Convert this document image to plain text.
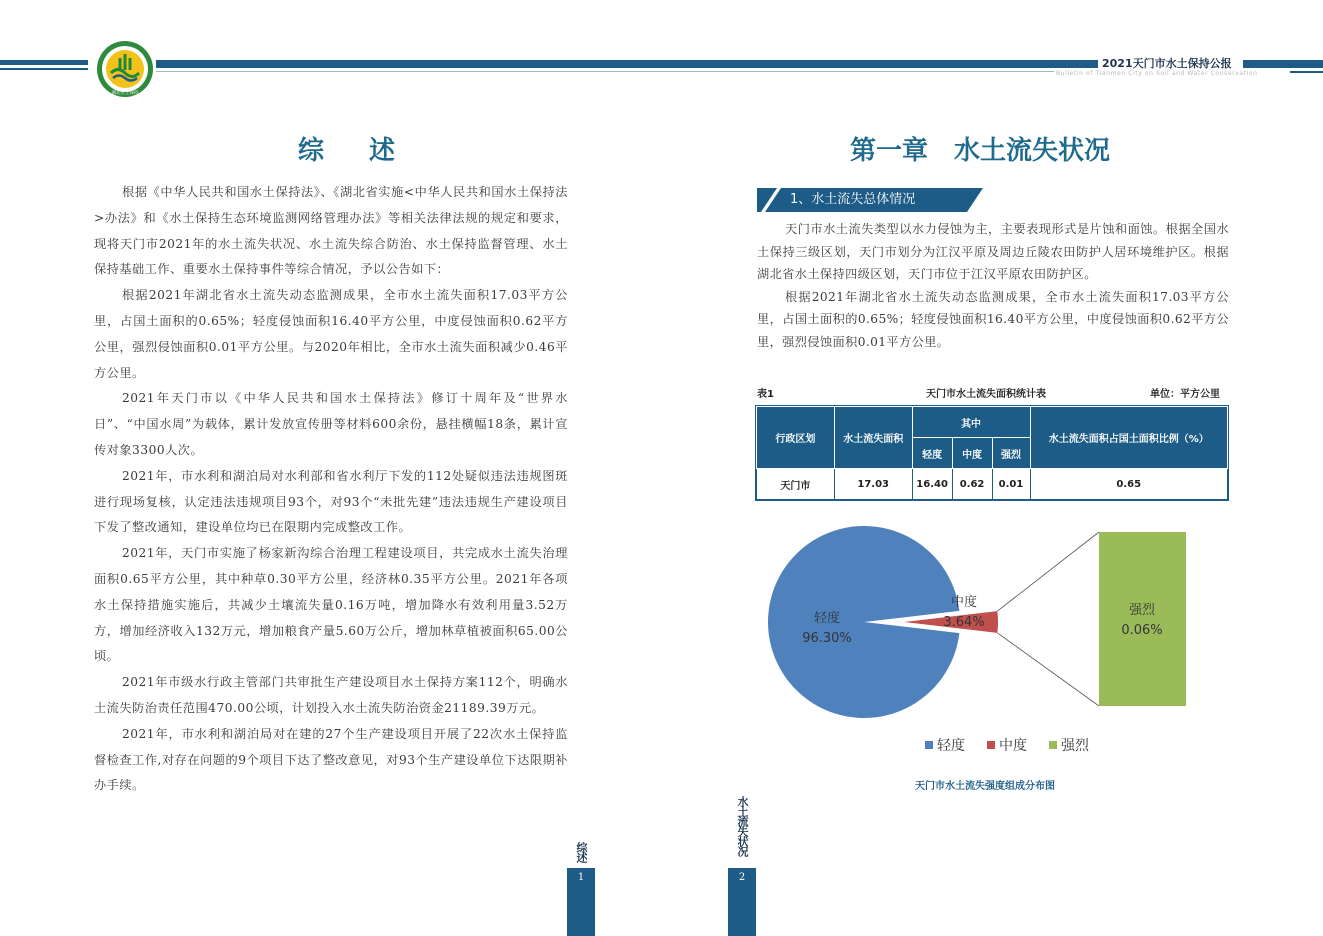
湖北水土保持
2021天门市水土保持公报
Bulletin of Tianmen City on Soil and Water Conservation
综 述

根据《中华人民共和国水土保持法》、《湖北省实施<中华人民共和国水土保持法>办法》和《水土保持生态环境监测网络管理办法》等相关法律法规的规定和要求，现将天门市2021年的水土流失状况、水土流失综合防治、水土保持监督管理、水土保持基础工作、重要水土保持事件等综合情况，予以公告如下：

根据2021年湖北省水土流失动态监测成果，全市水土流失面积17.03平方公里，占国土面积的0.65%；轻度侵蚀面积16.40平方公里，中度侵蚀面积0.62平方公里，强烈侵蚀面积0.01平方公里。与2020年相比，全市水土流失面积减少0.46平方公里。

2021年天门市以《中华人民共和国水土保持法》修订十周年及“世界水日”、“中国水周”为载体，累计发放宣传册等材料600余份，悬挂横幅18条，累计宣传对象3300人次。

2021年，市水利和湖泊局对水利部和省水利厅下发的112处疑似违法违规图斑进行现场复核，认定违法违规项目93个，对93个“未批先建”违法违规生产建设项目下发了整改通知，建设单位均已在限期内完成整改工作。

2021年，天门市实施了杨家新沟综合治理工程建设项目，共完成水土流失治理面积0.65平方公里，其中种草0.30平方公里，经济林0.35平方公里。2021年各项水土保持措施实施后，共减少土壤流失量0.16万吨，增加降水有效利用量3.52万方，增加经济收入132万元，增加粮食产量5.60万公斤，增加林草植被面积65.00公顷。

2021年市级水行政主管部门共审批生产建设项目水土保持方案112个，明确水土流失防治责任范围470.00公顷，计划投入水土流失防治资金21189.39万元。

2021年，市水利和湖泊局对在建的27个生产建设项目开展了22次水土保持监督检查工作,对存在问题的9个项目下达了整改意见，对93个生产建设单位下达限期补办手续。

第一章　水土流失状况
1、水土流失总体情况

天门市水土流失类型以水力侵蚀为主，主要表现形式是片蚀和面蚀。根据全国水土保持三级区划，天门市划分为江汉平原及周边丘陵农田防护人居环境维护区。根据湖北省水土保持四级区划，天门市位于江汉平原农田防护区。

根据2021年湖北省水土流失动态监测成果，全市水土流失面积17.03平方公里，占国土面积的0.65%；轻度侵蚀面积16.40平方公里，中度侵蚀面积0.62平方公里，强烈侵蚀面积0.01平方公里。

表1	天门市水土流失面积统计表	单位：平方公里
行政区划	水土流失面积	其中			水土流失面积占国土面积比例（%）
		轻度	中度	强烈	
天门市	17.03	16.40	0.62	0.01	0.65
轻度
96.30%
中度
3.64%
强烈
0.06%
轻度 中度 强烈
天门市水土流失强度组成分布图
综述
1
水土流失状况
2
